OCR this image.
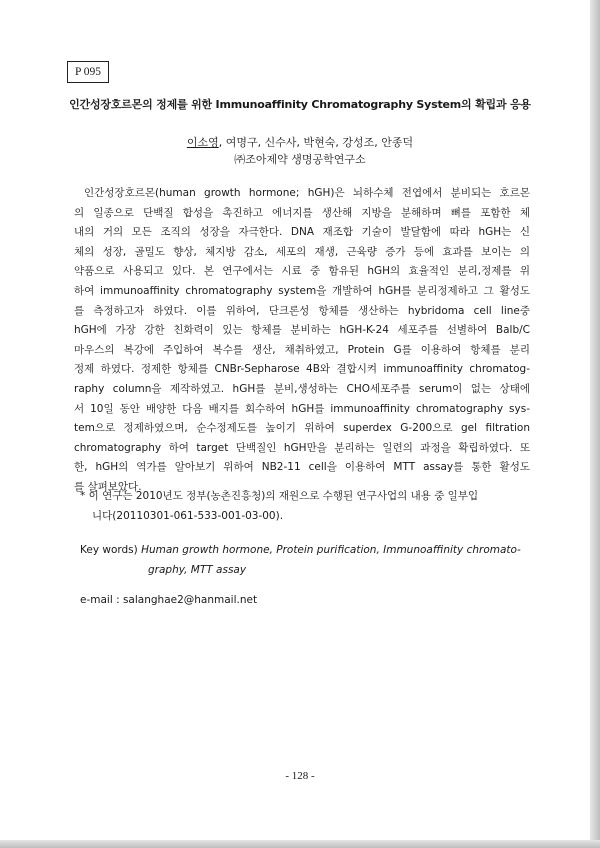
P 095
인간성장호르몬의 정제를 위한 Immunoaffinity Chromatography System의 확립과 응용
이소영, 여명구, 신수사, 박현숙, 강성조, 안종덕
㈜조아제약 생명공학연구소
인간성장호르몬(human growth hormone; hGH)은 뇌하수체 전엽에서 분비되는 호르몬
의 일종으로 단백질 합성을 촉진하고 에너지를 생산해 지방을 분해하며 뼈를 포함한 체
내의 거의 모든 조직의 성장을 자극한다. DNA 재조합 기술이 발달함에 따라 hGH는 신
체의 성장, 골밀도 향상, 체지방 감소, 세포의 재생, 근육량 증가 등에 효과를 보이는 의
약품으로 사용되고 있다. 본 연구에서는 시료 중 함유된 hGH의 효율적인 분리,정제를 위
하여 immunoaffinity chromatography system을 개발하여 hGH를 분리정제하고 그 활성도
를 측정하고자 하였다. 이를 위하여, 단크론성 항체를 생산하는 hybridoma cell line중
hGH에 가장 강한 친화력이 있는 항체를 분비하는 hGH-K-24 세포주를 선별하여 Balb/C
마우스의 복강에 주입하여 복수를 생산, 채취하였고, Protein G를 이용하여 항체를 분리
정제 하였다. 정제한 항체를 CNBr-Sepharose 4B와 결합시켜 immunoaffinity chromatog-
raphy column을 제작하였고. hGH를 분비,생성하는 CHO세포주를 serum이 없는 상태에
서 10일 동안 배양한 다음 배지를 회수하여 hGH를 immunoaffinity chromatography sys-
tem으로 정제하였으며, 순수정제도를 높이기 위하여 superdex G-200으로 gel filtration
chromatography 하여 target 단백질인 hGH만을 분리하는 일련의 과정을 확립하였다. 또
한, hGH의 역가를 알아보기 위하여 NB2-11 cell을 이용하여 MTT assay를 통한 활성도
를 살펴보았다.
* 이 연구는 2010년도 정부(농촌진흥청)의 재원으로 수행된 연구사업의 내용 중 일부입
니다(20110301-061-533-001-03-00).
Key words) Human growth hormone, Protein purification, Immunoaffinity chromato-
graphy, MTT assay
e-mail : salanghae2@hanmail.net
- 128 -
